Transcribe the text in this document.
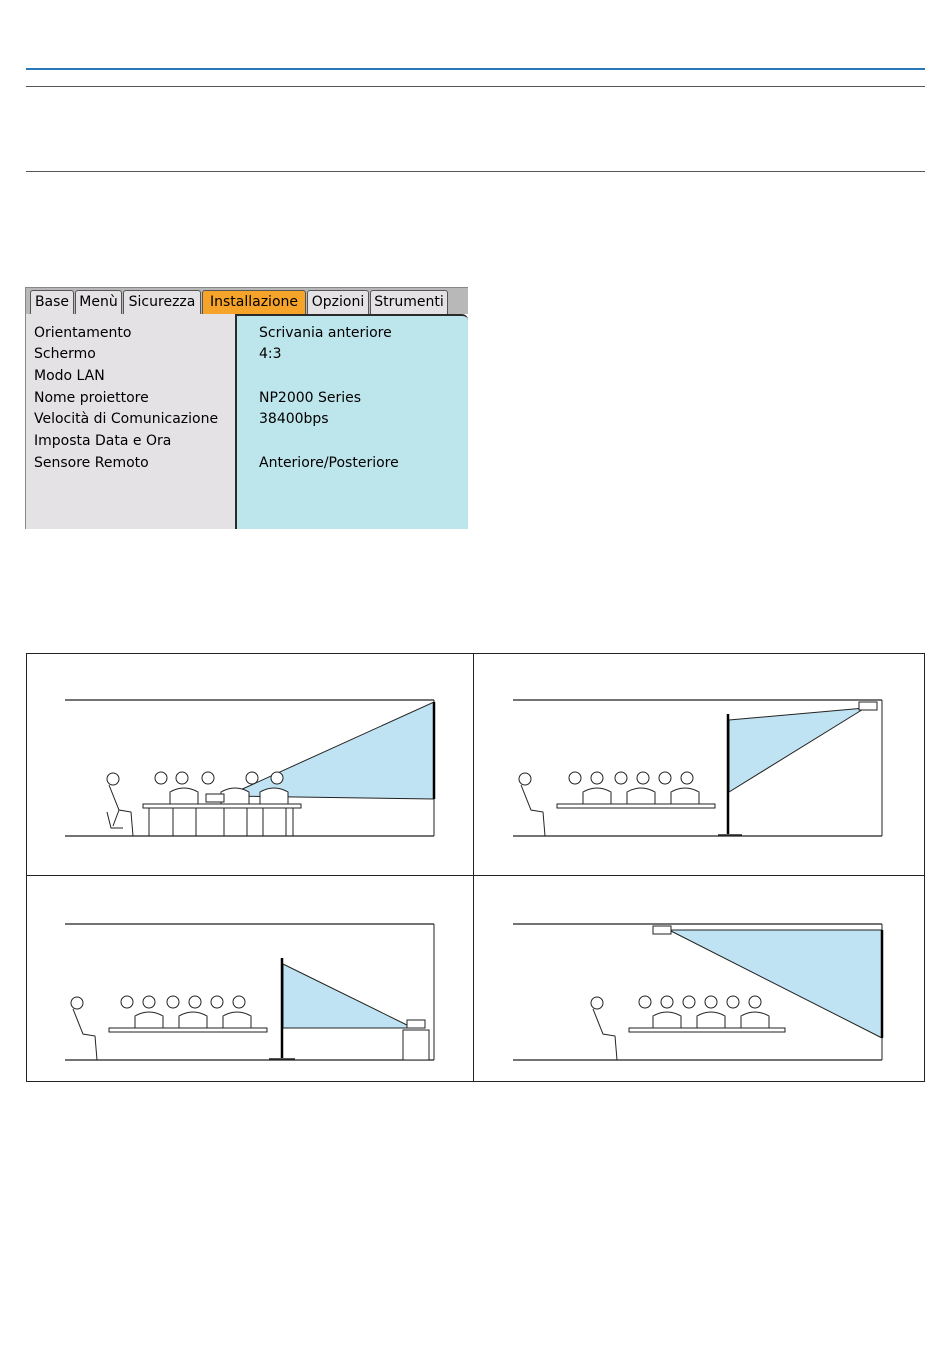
Base Menù Sicurezza	Installazione Opzioni Strumenti
Orientamento
Schermo
Modo LAN
Nome proiettore
Velocità di Comunicazione
Imposta Data e Ora
Sensore Remoto
Scrivania anteriore
4:3
NP2000 Series
38400bps
Anteriore/Posteriore
